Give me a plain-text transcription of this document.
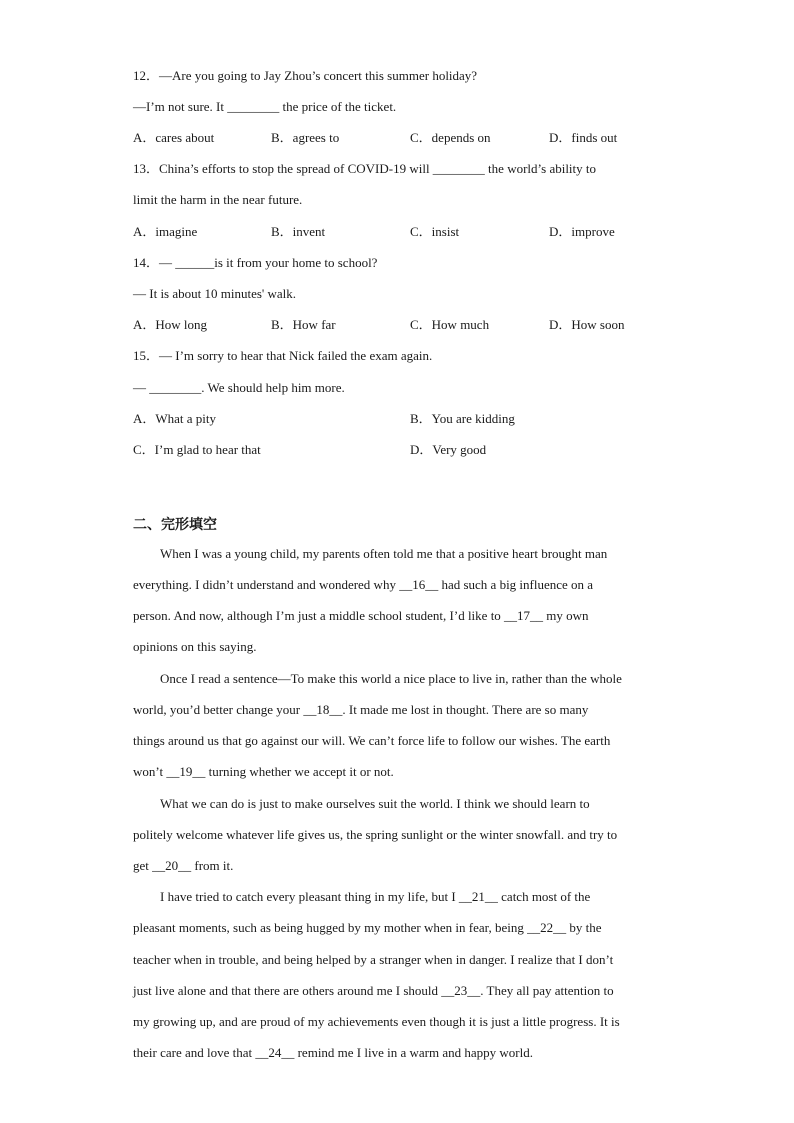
12．—Are you going to Jay Zhou’s concert this summer holiday?
—I’m not sure. It ________ the price of the ticket.
A．cares about	B．agrees to	C．depends on	D．finds out
13．China’s efforts to stop the spread of COVID-19 will ________ the world’s ability to
limit the harm in the near future.
A．imagine	B．invent	C．insist	D．improve
14．— ______is it from your home to school?
— It is about 10 minutes' walk.
A．How long	B．How far	C．How much	D．How soon
15．— I’m sorry to hear that Nick failed the exam again.
— ________. We should help him more.
A．What a pity	B．You are kidding
C．I’m glad to hear that	D．Very good
二、完形填空
When I was a young child, my parents often told me that a positive heart brought man
everything. I didn’t understand and wondered why __16__ had such a big influence on a
person. And now, although I’m just a middle school student, I’d like to __17__ my own
opinions on this saying.
Once I read a sentence—To make this world a nice place to live in, rather than the whole
world, you’d better change your __18__. It made me lost in thought. There are so many
things around us that go against our will. We can’t force life to follow our wishes. The earth
won’t __19__ turning whether we accept it or not.
What we can do is just to make ourselves suit the world. I think we should learn to
politely welcome whatever life gives us, the spring sunlight or the winter snowfall. and try to
get __20__ from it.
I have tried to catch every pleasant thing in my life, but I __21__ catch most of the
pleasant moments, such as being hugged by my mother when in fear, being __22__ by the
teacher when in trouble, and being helped by a stranger when in danger. I realize that I don’t
just live alone and that there are others around me I should __23__. They all pay attention to
my growing up, and are proud of my achievements even though it is just a little progress. It is
their care and love that __24__ remind me I live in a warm and happy world.
